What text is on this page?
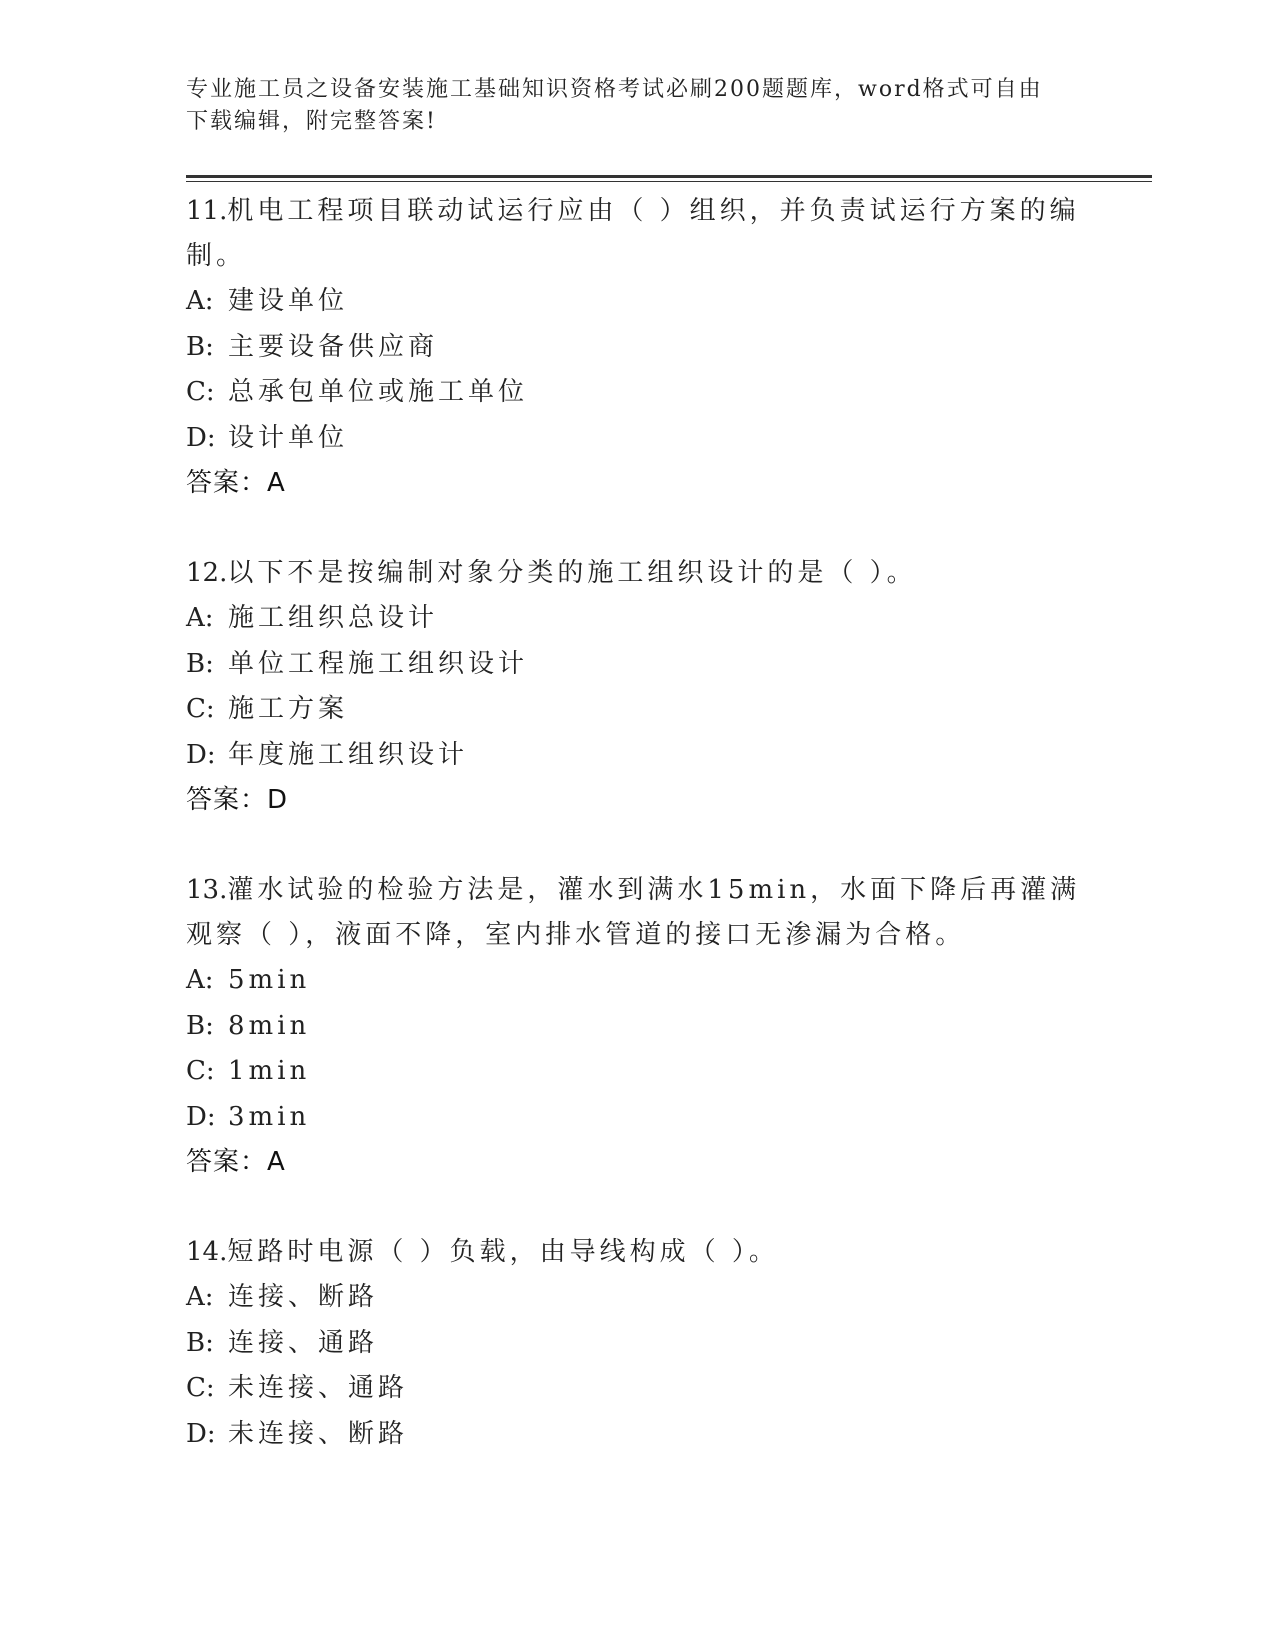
专业施工员之设备安装施工基础知识资格考试必刷200题题库，word格式可自由下载编辑，附完整答案!
11.机电工程项目联动试运行应由（ ）组织，并负责试运行方案的编制。
A: 建设单位
B: 主要设备供应商
C: 总承包单位或施工单位
D: 设计单位
答案：A
12.以下不是按编制对象分类的施工组织设计的是（ ）。
A: 施工组织总设计
B: 单位工程施工组织设计
C: 施工方案
D: 年度施工组织设计
答案：D
13.灌水试验的检验方法是，灌水到满水15min，水面下降后再灌满观察（ ），液面不降，室内排水管道的接口无渗漏为合格。
A: 5min
B: 8min
C: 1min
D: 3min
答案：A
14.短路时电源（ ）负载，由导线构成（ ）。
A: 连接、断路
B: 连接、通路
C: 未连接、通路
D: 未连接、断路
